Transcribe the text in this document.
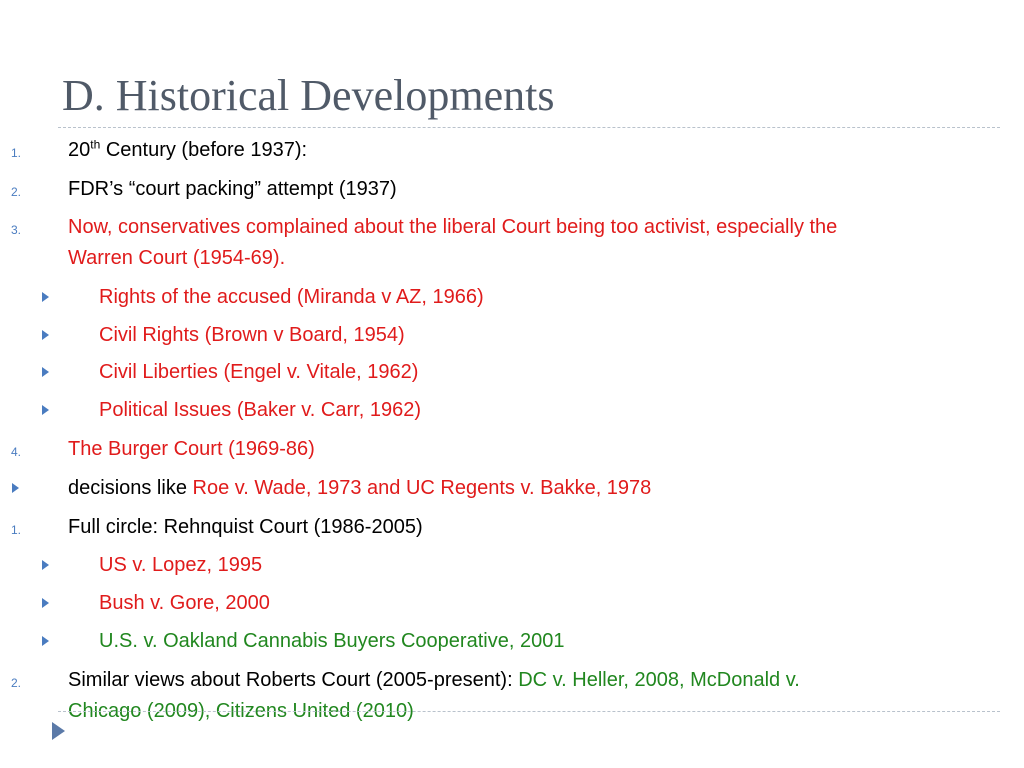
D. Historical Developments
1. 20th Century (before 1937):
2. FDR’s “court packing” attempt (1937)
3. Now, conservatives complained about the liberal Court being too activist, especially the
Warren Court (1954-69).
Rights of the accused (Miranda v AZ, 1966)
Civil Rights (Brown v Board, 1954)
Civil Liberties (Engel v. Vitale, 1962)
Political Issues (Baker v. Carr, 1962)
4. The Burger Court (1969-86)
decisions like Roe v. Wade, 1973 and UC Regents v. Bakke, 1978
1. Full circle: Rehnquist Court (1986-2005)
US v. Lopez, 1995
Bush v. Gore, 2000
U.S. v. Oakland Cannabis Buyers Cooperative, 2001
2. Similar views about Roberts Court (2005-present): DC v. Heller, 2008, McDonald v.
Chicago (2009), Citizens United (2010)
